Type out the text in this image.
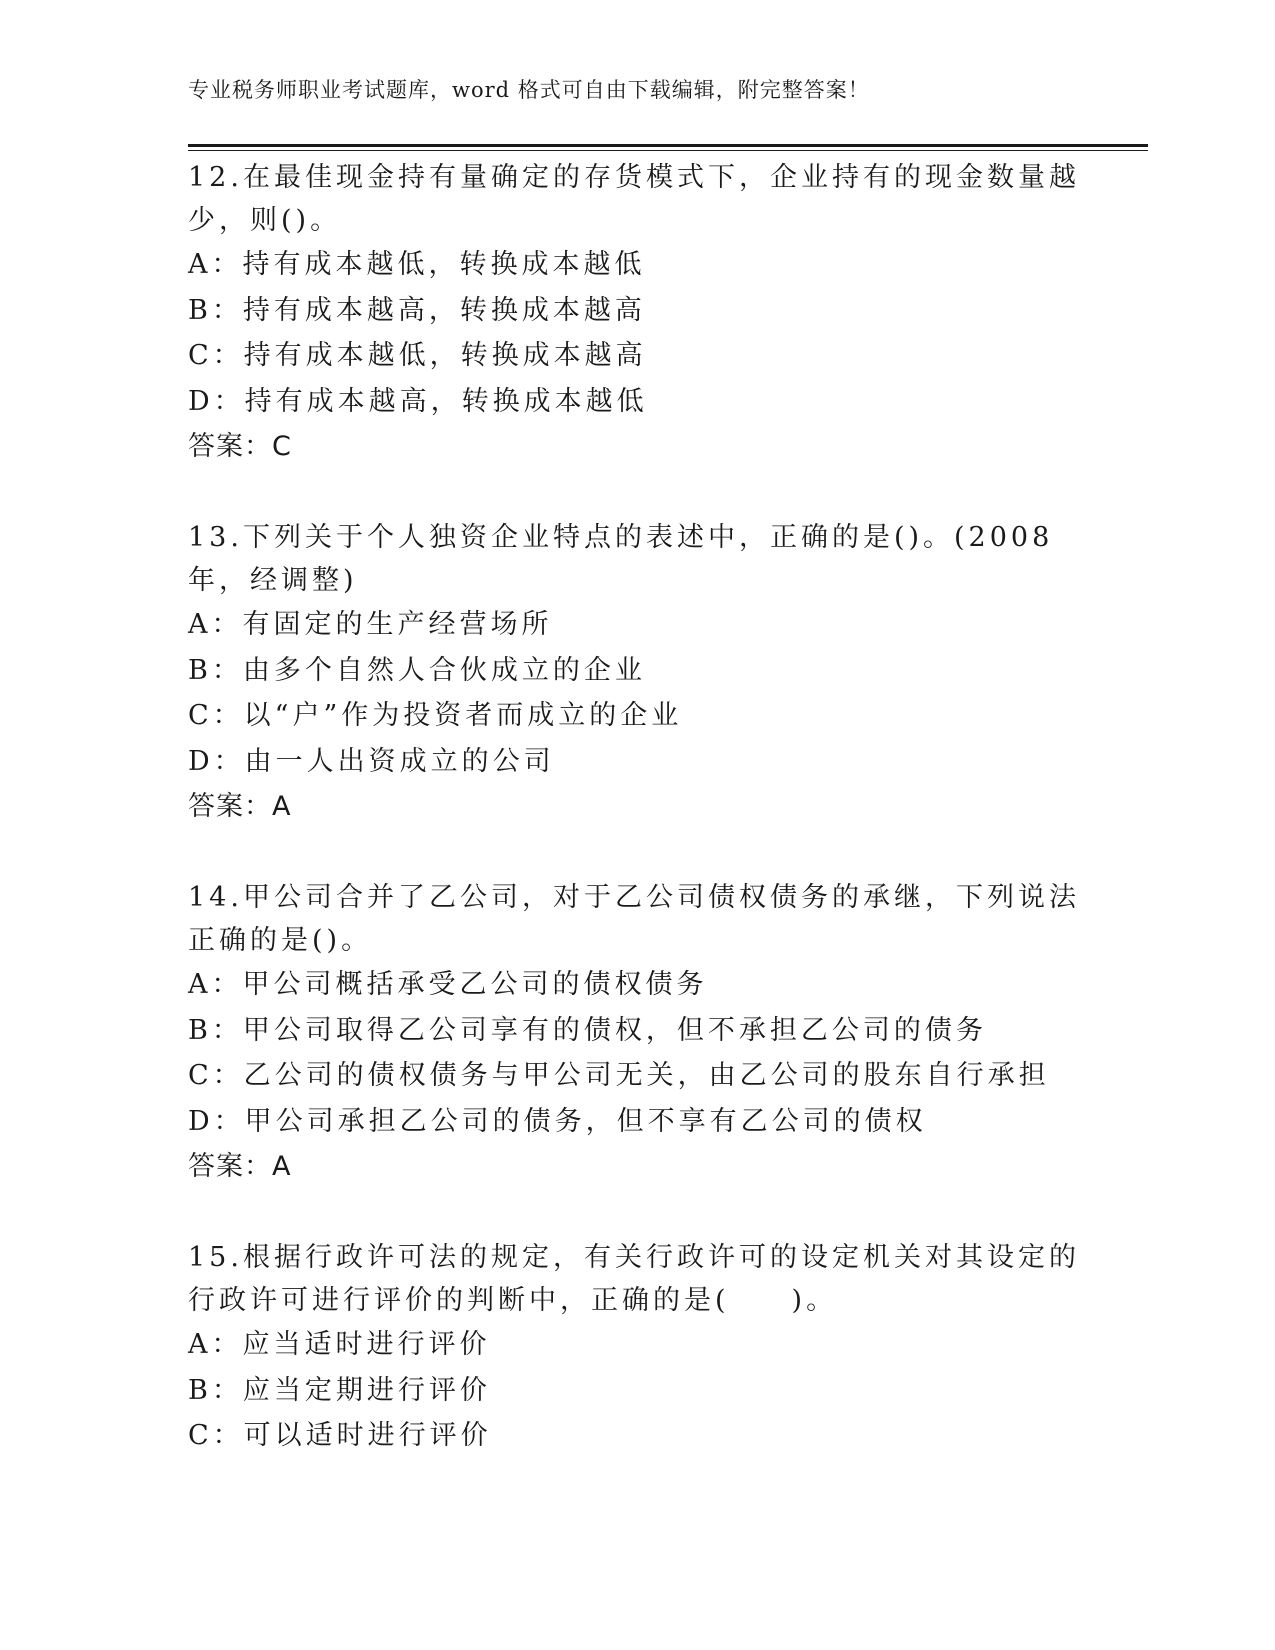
专业税务师职业考试题库，word 格式可自由下载编辑，附完整答案！

12.在最佳现金持有量确定的存货模式下，企业持有的现金数量越少，则()。

A：持有成本越低，转换成本越低
B：持有成本越高，转换成本越高
C：持有成本越低，转换成本越高
D：持有成本越高，转换成本越低
答案：C

13.下列关于个人独资企业特点的表述中，正确的是()。(2008 年，经调整)

A：有固定的生产经营场所
B：由多个自然人合伙成立的企业
C：以“户”作为投资者而成立的企业
D：由一人出资成立的公司
答案：A

14.甲公司合并了乙公司，对于乙公司债权债务的承继，下列说法正确的是()。

A：甲公司概括承受乙公司的债权债务
B：甲公司取得乙公司享有的债权，但不承担乙公司的债务
C：乙公司的债权债务与甲公司无关，由乙公司的股东自行承担
D：甲公司承担乙公司的债务，但不享有乙公司的债权
答案：A

15.根据行政许可法的规定，有关行政许可的设定机关对其设定的行政许可进行评价的判断中，正确的是(　　)。

A：应当适时进行评价
B：应当定期进行评价
C：可以适时进行评价
